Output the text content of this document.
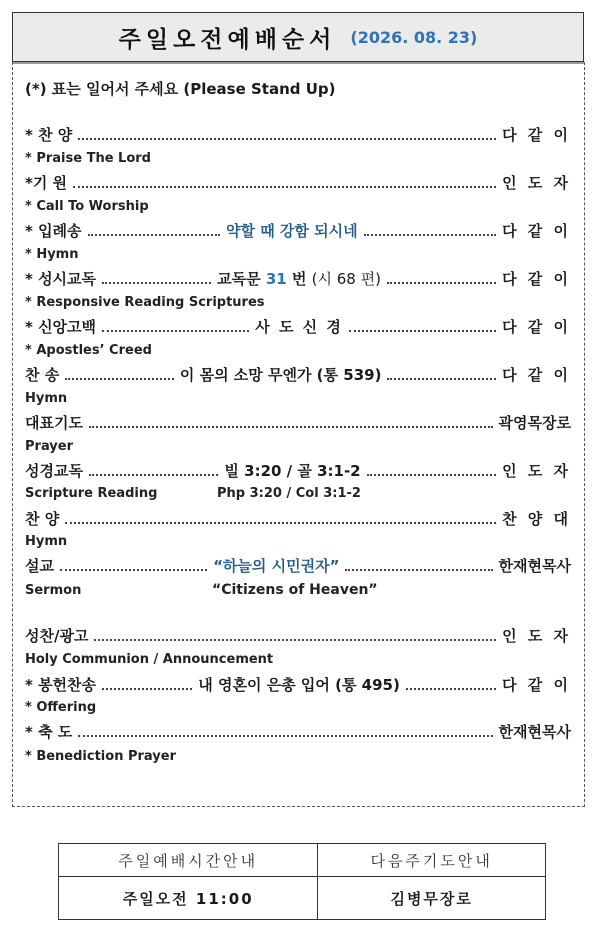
주일오전예배순서 (2026. 08. 23)
(*) 표는 일어서 주세요 (Please Stand Up)
* 찬 양	다 같 이
* Praise The Lord
*기 원	인 도 자
* Call To Worship
* 입례송	약할 때 강함 되시네	다 같 이
* Hymn
* 성시교독	교독문 31 번 (시 68 편)	다 같 이
* Responsive Reading Scriptures
* 신앙고백	사 도 신 경	다 같 이
* Apostles’ Creed
찬 송	이 몸의 소망 무엔가 (통 539)	다 같 이
Hymn
대표기도	곽영목장로
Prayer
성경교독	빌 3:20 / 골 3:1-2	인 도 자
Scripture Reading	Php 3:20 / Col 3:1-2
찬 양	찬 양 대
Hymn
설교	“하늘의 시민권자”	한재현목사
Sermon	“Citizens of Heaven”
성찬/광고	인 도 자
Holy Communion / Announcement
* 봉헌찬송	내 영혼이 은총 입어 (통 495)	다 같 이
* Offering
* 축 도	한재현목사
* Benediction Prayer
주일예배시간안내	다음주기도안내
주일오전 11:00	김병무장로
